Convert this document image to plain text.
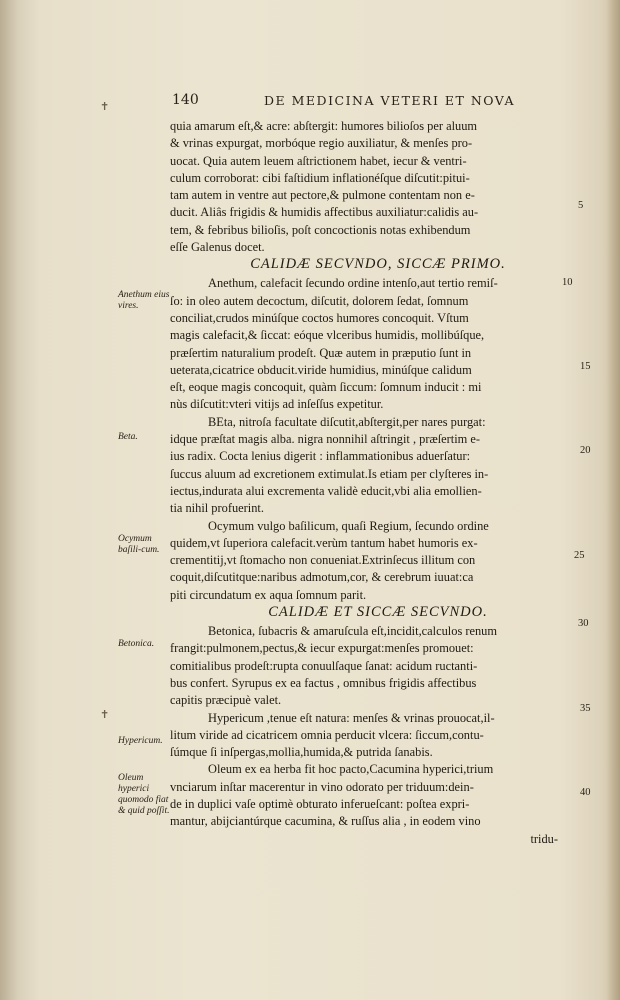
✝
✝
140	DE MEDICINA VETERI ET NOVA
quia amarum eſt,& acre: abſtergit: humores bilioſos per aluum
& vrinas expurgat, morbóque regio auxiliatur, & menſes pro-
uocat. Quia autem leuem aſtrictionem habet, iecur & ventri-
culum corroborat: cibi faſtidium inflationéſque diſcutit:pitui-
tam autem in ventre aut pectore,& pulmone contentam non e-
ducit. Aliâs frigidis & humidis affectibus auxiliatur:calidis au-
tem, & febribus bilioſis, poſt concoctionis notas exhibendum
eſſe Galenus docet.
CALIDÆ SECVNDO, SICCÆ PRIMO.
Anethum, calefacit ſecundo ordine intenſo,aut tertio remiſ-
ſo: in oleo autem decoctum, diſcutit, dolorem ſedat, ſomnum
conciliat,crudos minúſque coctos humores concoquit. Vſtum
magis calefacit,& ſiccat: eóque vlceribus humidis, mollibúſque,
præſertim naturalium prodeſt. Quæ autem in præputio ſunt in
ueterata,cicatrice obducit.viride humidius, minúſque calidum
eſt, eoque magis concoquit, quàm ſiccum: ſomnum inducit : mi
nùs diſcutit:vteri vitijs ad inſeſſus expetitur.
BEta, nitroſa facultate diſcutit,abſtergit,per nares purgat:
idque præſtat magis alba. nigra nonnihil aſtringit , præſertim e-
ius radix. Cocta lenius digerit : inflammationibus aduerſatur:
ſuccus aluum ad excretionem extimulat.Is etiam per clyſteres in-
iectus,indurata alui excrementa validè educit,vbi alia emollien-
tia nihil profuerint.
Ocymum vulgo baſilicum, quaſi Regium, ſecundo ordine
quidem,vt ſuperiora calefacit.verùm tantum habet humoris ex-
crementitij,vt ſtomacho non conueniat.Extrinſecus illitum con
coquit,diſcutitque:naribus admotum,cor, & cerebrum iuuat:ca
piti circundatum ex aqua ſomnum parit.
CALIDÆ ET SICCÆ SECVNDO.
Betonica, ſubacris & amaruſcula eſt,incidit,calculos renum
frangit:pulmonem,pectus,& iecur expurgat:menſes promouet:
comitialibus prodeſt:rupta conuulſaque ſanat: acidum ructanti-
bus confert. Syrupus ex ea factus , omnibus frigidis affectibus
capitis præcipuè valet.
Hypericum ,tenue eſt natura: menſes & vrinas prouocat,il-
litum viride ad cicatricem omnia perducit vlcera: ſiccum,contu-
ſúmque ſi inſpergas,mollia,humida,& putrida ſanabis.
Oleum ex ea herba fit hoc pacto,Cacumina hyperici,trium
vnciarum inſtar macerentur in vino odorato per triduum:dein-
de in duplici vaſe optimè obturato inferueſcant: poſtea expri-
mantur, abijciantúrque cacumina, & ruſſus alia , in eodem vino
tridu-
Anethum eius vires.
Beta.
Ocymum baſili-cum.
Betonica.
Hypericum.
Oleum hyperici quomodo fiat & quid poſſit.
5
10
15
20
25
30
35
40
